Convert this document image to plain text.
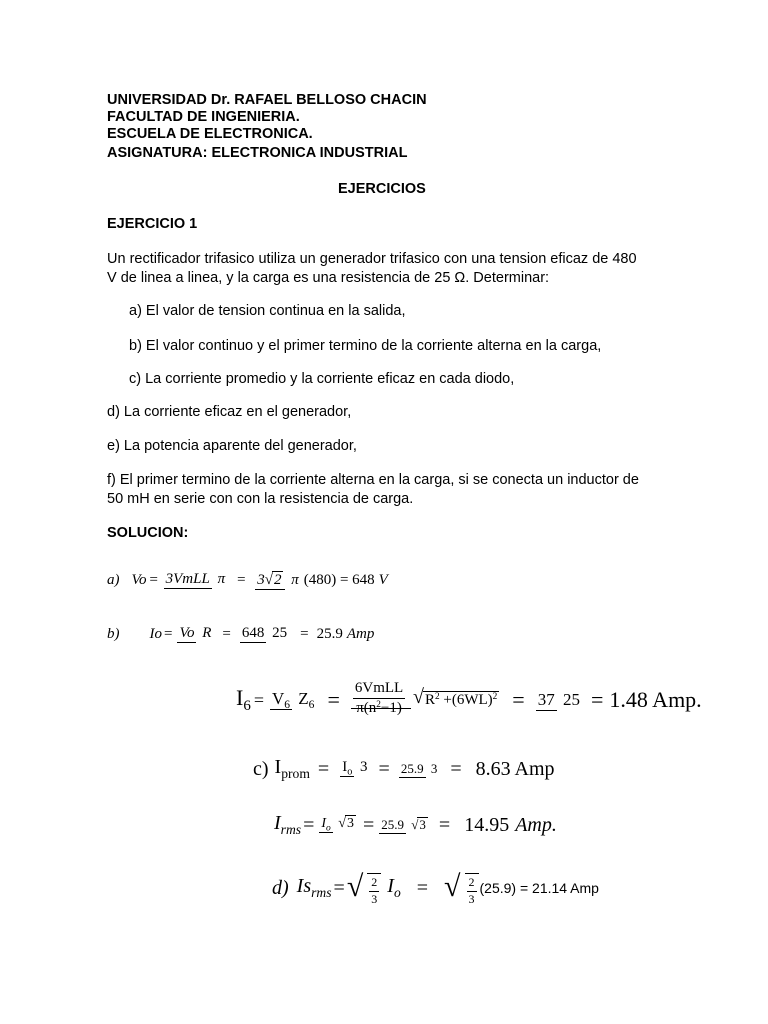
UNIVERSIDAD Dr. RAFAEL BELLOSO CHACIN
FACULTAD DE INGENIERIA.
ESCUELA DE ELECTRONICA.
ASIGNATURA: ELECTRONICA INDUSTRIAL
EJERCICIOS
EJERCICIO 1
Un rectificador trifasico utiliza un generador trifasico con una tension eficaz de 480
V de linea a linea, y la carga es una resistencia de 25 Ω. Determinar:
a) El valor de tension continua en la salida,
b) El valor continuo y el primer termino de la corriente alterna en la carga,
c) La corriente promedio y la corriente eficaz en cada diodo,
d) La corriente eficaz en el generador,
e) La potencia aparente del generador,
f) El primer termino de la corriente alterna en la carga, si se conecta un inductor de
50 mH en serie con con la resistencia de carga.
SOLUCION:
a) Vo = 3VmLL π = 3 √ 2 π (480) = 648 V
b) Io = Vo R = 648 25 = 25.9 Amp
$I_6 = V_6$ $Z_6 = \frac{\text{6VmLL}}{\pi(n^2-1)}$
√ $R^2 +(6WL)^2 = 37$ 25 = 1.48 Amp.
c) $I_{prom} = I_o$ 3 = 25.9 3 = 8.63 Amp
$I_{rms} = I_o$ √ 3 = 25.9 √ 3 = 14.95 Amp.
d) $Is_{rms}$ = √ $\frac{2}{3} I_o$ = √ $\frac{2}{3} (25.9) = 21.14$ Amp
